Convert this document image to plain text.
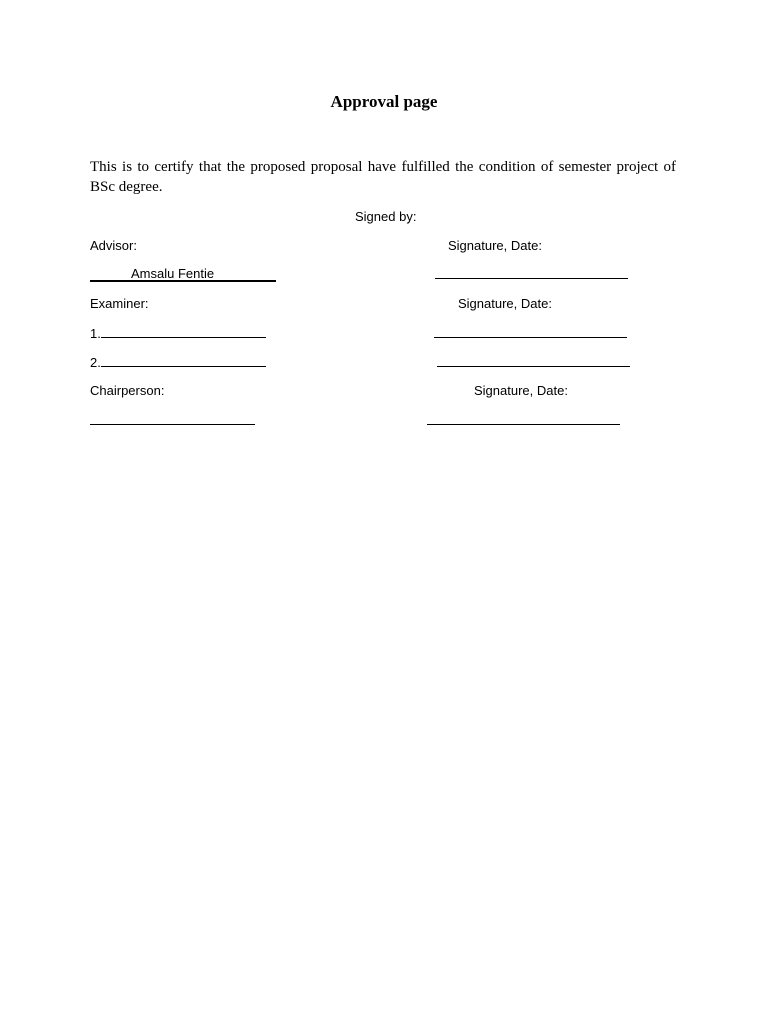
Approval page
This is to certify that the proposed proposal have fulfilled the condition of semester project of BSc degree.
Signed by:
Advisor:	Signature, Date:
Amsalu Fentie
Examiner:	Signature, Date:
1.
2.
Chairperson:	Signature, Date:
